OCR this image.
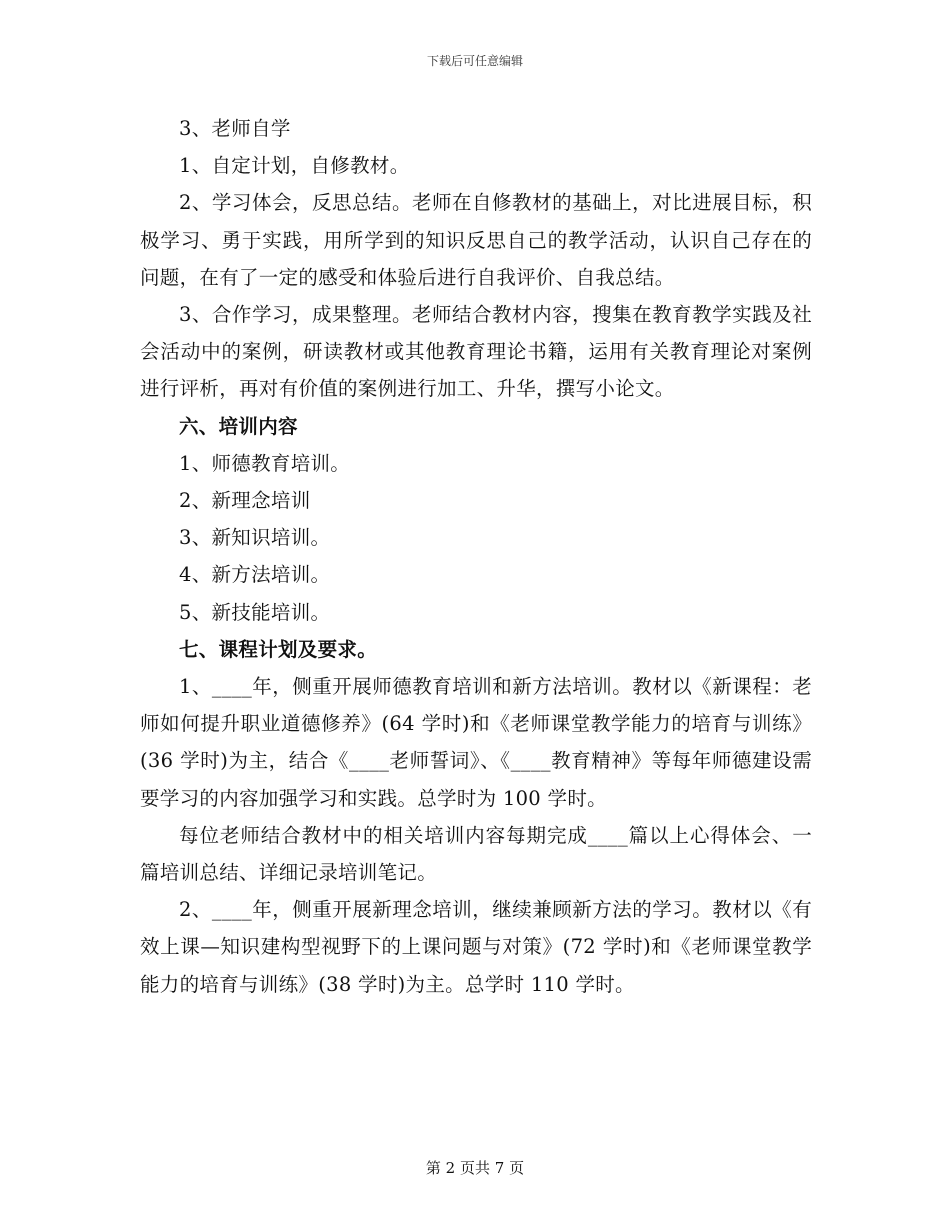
下载后可任意编辑

3、老师自学

1、自定计划，自修教材。

2、学习体会，反思总结。老师在自修教材的基础上，对比进展目标，积极学习、勇于实践，用所学到的知识反思自己的教学活动，认识自己存在的问题，在有了一定的感受和体验后进行自我评价、自我总结。

3、合作学习，成果整理。老师结合教材内容，搜集在教育教学实践及社会活动中的案例，研读教材或其他教育理论书籍，运用有关教育理论对案例进行评析，再对有价值的案例进行加工、升华，撰写小论文。

六、培训内容

1、师德教育培训。

2、新理念培训

3、新知识培训。

4、新方法培训。

5、新技能培训。

七、课程计划及要求。

1、____年，侧重开展师德教育培训和新方法培训。教材以《新课程：老师如何提升职业道德修养》(64 学时)和《老师课堂教学能力的培育与训练》(36 学时)为主，结合《____老师誓词》、《____教育精神》等每年师德建设需要学习的内容加强学习和实践。总学时为 100 学时。

每位老师结合教材中的相关培训内容每期完成____篇以上心得体会、一篇培训总结、详细记录培训笔记。

2、____年，侧重开展新理念培训，继续兼顾新方法的学习。教材以《有效上课—知识建构型视野下的上课问题与对策》(72 学时)和《老师课堂教学能力的培育与训练》(38 学时)为主。总学时 110 学时。

第 2 页共 7 页
